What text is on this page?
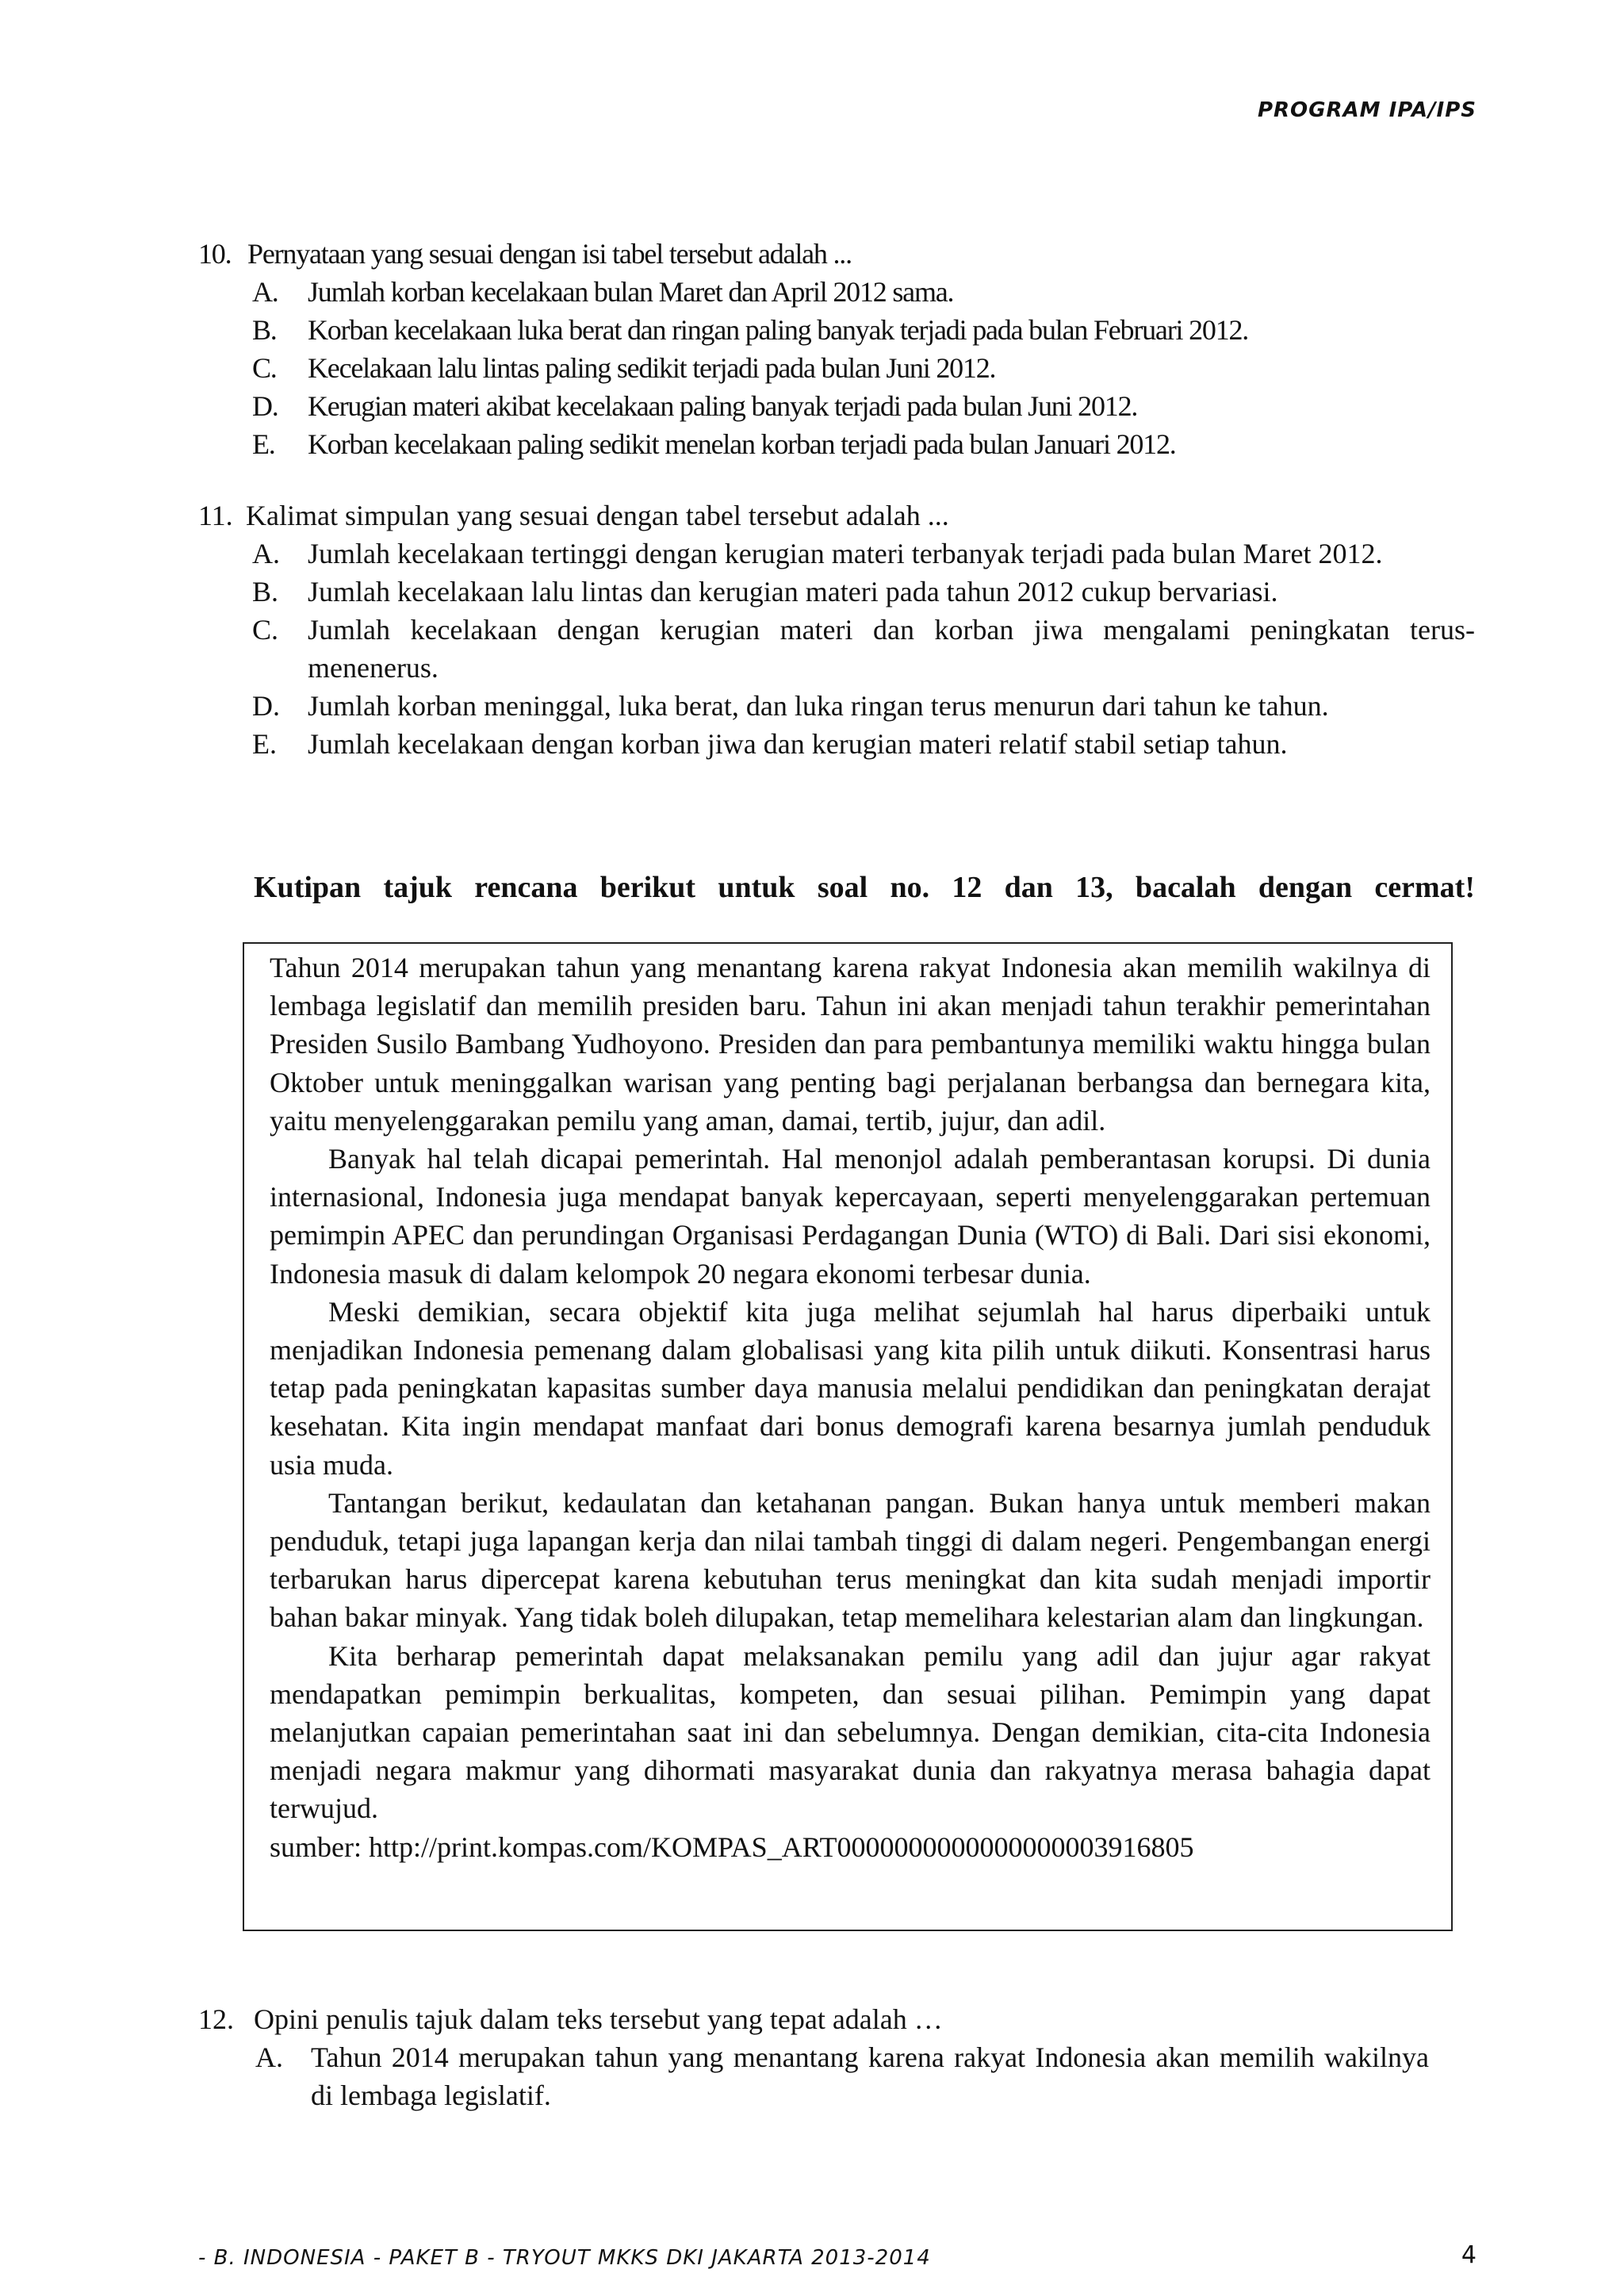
PROGRAM IPA/IPS
10. Pernyataan yang sesuai dengan isi tabel tersebut adalah ...
A.	Jumlah korban kecelakaan bulan Maret dan April 2012 sama.
B.	Korban kecelakaan luka berat dan ringan paling banyak terjadi pada bulan Februari 2012.
C.	Kecelakaan lalu lintas paling sedikit terjadi pada bulan Juni 2012.
D.	Kerugian materi akibat kecelakaan paling banyak terjadi pada bulan Juni 2012.
E.	Korban kecelakaan paling sedikit menelan korban terjadi pada bulan Januari 2012.
11. Kalimat simpulan yang sesuai dengan tabel tersebut adalah ...
A. Jumlah kecelakaan tertinggi dengan kerugian materi terbanyak terjadi pada bulan Maret 2012.
B.	Jumlah kecelakaan lalu lintas dan kerugian materi pada tahun 2012 cukup bervariasi.
C.	Jumlah kecelakaan dengan kerugian materi dan korban jiwa mengalami peningkatan terus-menenerus.
D. Jumlah korban meninggal, luka berat, dan luka ringan terus menurun dari tahun ke tahun.
E.	Jumlah kecelakaan dengan korban jiwa dan kerugian materi relatif stabil setiap tahun.
Kutipan tajuk rencana berikut untuk soal no. 12 dan 13, bacalah dengan cermat!

Tahun 2014 merupakan tahun yang menantang karena rakyat Indonesia akan memilih wakilnya di lembaga legislatif dan memilih presiden baru. Tahun ini akan menjadi tahun terakhir pemerintahan Presiden Susilo Bambang Yudhoyono. Presiden dan para pembantunya memiliki waktu hingga bulan Oktober untuk meninggalkan warisan yang penting bagi perjalanan berbangsa dan bernegara kita, yaitu menyelenggarakan pemilu yang aman, damai, tertib, jujur, dan adil.

Banyak hal telah dicapai pemerintah. Hal menonjol adalah pemberantasan korupsi. Di dunia internasional, Indonesia juga mendapat banyak kepercayaan, seperti menyelenggarakan pertemuan pemimpin APEC dan perundingan Organisasi Perdagangan Dunia (WTO) di Bali. Dari sisi ekonomi, Indonesia masuk di dalam kelompok 20 negara ekonomi terbesar dunia.

Meski demikian, secara objektif kita juga melihat sejumlah hal harus diperbaiki untuk menjadikan Indonesia pemenang dalam globalisasi yang kita pilih untuk diikuti. Konsentrasi harus tetap pada peningkatan kapasitas sumber daya manusia melalui pendidikan dan peningkatan derajat kesehatan. Kita ingin mendapat manfaat dari bonus demografi karena besarnya jumlah penduduk usia muda.

Tantangan berikut, kedaulatan dan ketahanan pangan. Bukan hanya untuk memberi makan penduduk, tetapi juga lapangan kerja dan nilai tambah tinggi di dalam negeri. Pengembangan energi terbarukan harus dipercepat karena kebutuhan terus meningkat dan kita sudah menjadi importir bahan bakar minyak. Yang tidak boleh dilupakan, tetap memelihara kelestarian alam dan lingkungan.

Kita berharap pemerintah dapat melaksanakan pemilu yang adil dan jujur agar rakyat mendapatkan pemimpin berkualitas, kompeten, dan sesuai pilihan. Pemimpin yang dapat melanjutkan capaian pemerintahan saat ini dan sebelumnya. Dengan demikian, cita-cita Indonesia menjadi negara makmur yang dihormati masyarakat dunia dan rakyatnya merasa bahagia dapat terwujud.

sumber: http://print.kompas.com/KOMPAS_ART0000000000000000003916805

12. Opini penulis tajuk dalam teks tersebut yang tepat adalah …
A. Tahun 2014 merupakan tahun yang menantang karena rakyat Indonesia akan memilih wakilnya di lembaga legislatif.
- B. INDONESIA - PAKET B - TRYOUT MKKS DKI JAKARTA 2013-2014	4
